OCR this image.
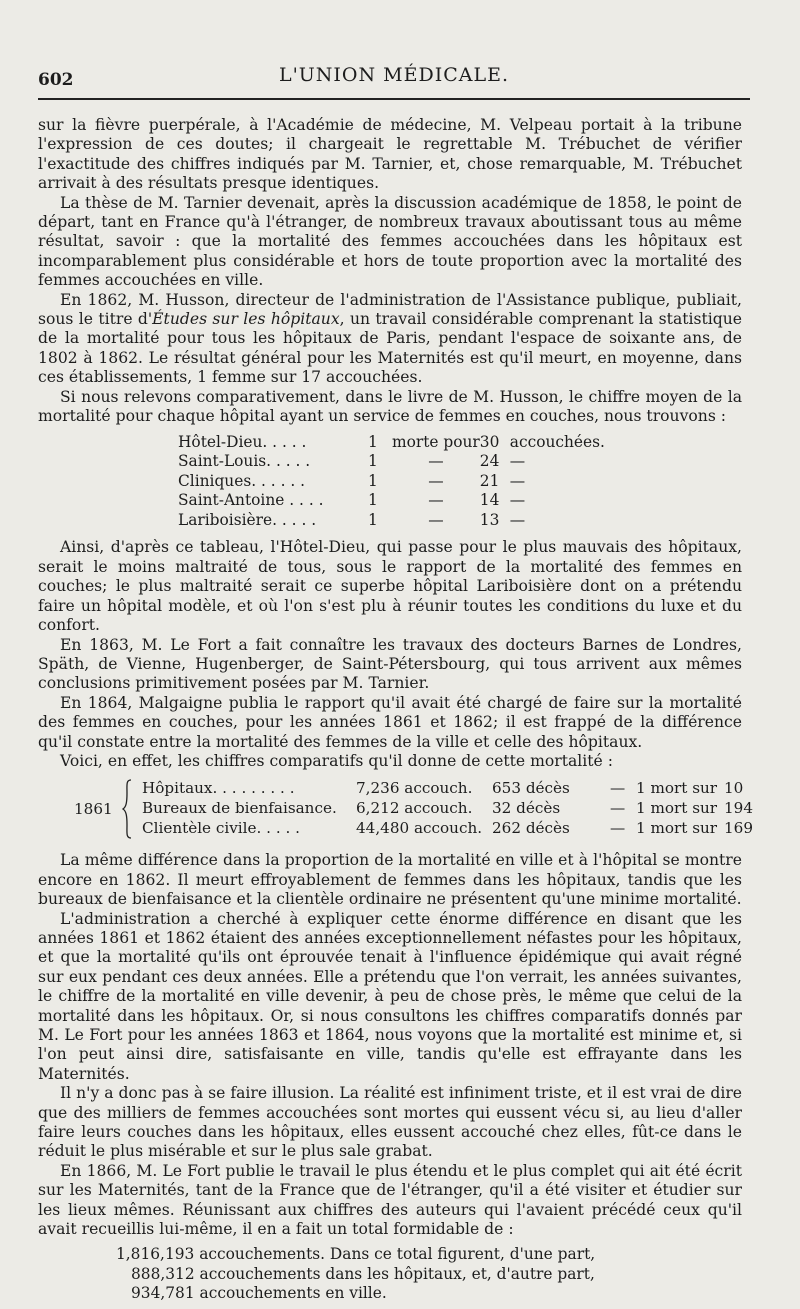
602	L'UNION MÉDICALE.

sur la fièvre puerpérale, à l'Académie de médecine, M. Velpeau portait à la tribune l'expression de ces doutes; il chargeait le regrettable M. Trébuchet de vérifier l'exactitude des chiffres indiqués par M. Tarnier, et, chose remarquable, M. Trébuchet arrivait à des résultats presque identiques.

La thèse de M. Tarnier devenait, après la discussion académique de 1858, le point de départ, tant en France qu'à l'étranger, de nombreux travaux aboutissant tous au même résultat, savoir : que la mortalité des femmes accouchées dans les hôpitaux est incomparablement plus considérable et hors de toute proportion avec la mortalité des femmes accouchées en ville.

En 1862, M. Husson, directeur de l'administration de l'Assistance publique, publiait, sous le titre d'Études sur les hôpitaux, un travail considérable comprenant la statistique de la mortalité pour tous les hôpitaux de Paris, pendant l'espace de soixante ans, de 1802 à 1862. Le résultat général pour les Maternités est qu'il meurt, en moyenne, dans ces établissements, 1 femme sur 17 accouchées.

Si nous relevons comparativement, dans le livre de M. Husson, le chiffre moyen de la mortalité pour chaque hôpital ayant un service de femmes en couches, nous trouvons :

Hôtel-Dieu. . . . .	1	morte pour	30	accouchées.
Saint-Louis. . . . .	1	—	24	—
Cliniques. . . . . .	1	—	21	—
Saint-Antoine . . . .	1	—	14	—
Lariboisière. . . . .	1	—	13	—

Ainsi, d'après ce tableau, l'Hôtel-Dieu, qui passe pour le plus mauvais des hôpitaux, serait le moins maltraité de tous, sous le rapport de la mortalité des femmes en couches; le plus maltraité serait ce superbe hôpital Lariboisière dont on a prétendu faire un hôpital modèle, et où l'on s'est plu à réunir toutes les conditions du luxe et du confort.

En 1863, M. Le Fort a fait connaître les travaux des docteurs Barnes de Londres, Späth, de Vienne, Hugenberger, de Saint-Pétersbourg, qui tous arrivent aux mêmes conclusions primitivement posées par M. Tarnier.

En 1864, Malgaigne publia le rapport qu'il avait été chargé de faire sur la mortalité des femmes en couches, pour les années 1861 et 1862; il est frappé de la différence qu'il constate entre la mortalité des femmes de la ville et celle des hôpitaux.

Voici, en effet, les chiffres comparatifs qu'il donne de cette mortalité :

1861
Hôpitaux. . . . . . . . .	7,236 accouch. 653 décès	— 1 mort sur 10
Bureaux de bienfaisance. 6,212 accouch. 32 décès	— 1 mort sur 194
Clientèle civile. . . . .	44,480 accouch. 262 décès	— 1 mort sur 169

La même différence dans la proportion de la mortalité en ville et à l'hôpital se montre encore en 1862. Il meurt effroyablement de femmes dans les hôpitaux, tandis que les bureaux de bienfaisance et la clientèle ordinaire ne présentent qu'une minime mortalité.

L'administration a cherché à expliquer cette énorme différence en disant que les années 1861 et 1862 étaient des années exceptionnellement néfastes pour les hôpitaux, et que la mortalité qu'ils ont éprouvée tenait à l'influence épidémique qui avait régné sur eux pendant ces deux années. Elle a prétendu que l'on verrait, les années suivantes, le chiffre de la mortalité en ville devenir, à peu de chose près, le même que celui de la mortalité dans les hôpitaux. Or, si nous consultons les chiffres comparatifs donnés par M. Le Fort pour les années 1863 et 1864, nous voyons que la mortalité est minime et, si l'on peut ainsi dire, satisfaisante en ville, tandis qu'elle est effrayante dans les Maternités.

Il n'y a donc pas à se faire illusion. La réalité est infiniment triste, et il est vrai de dire que des milliers de femmes accouchées sont mortes qui eussent vécu si, au lieu d'aller faire leurs couches dans les hôpitaux, elles eussent accouché chez elles, fût-ce dans le réduit le plus misérable et sur le plus sale grabat.

En 1866, M. Le Fort publie le travail le plus étendu et le plus complet qui ait été écrit sur les Maternités, tant de la France que de l'étranger, qu'il a été visiter et étudier sur les lieux mêmes. Réunissant aux chiffres des auteurs qui l'avaient précédé ceux qu'il avait recueillis lui-même, il en a fait un total formidable de :

1,816,193 accouchements. Dans ce total figurent, d'une part,
888,312 accouchements dans les hôpitaux, et, d'autre part,
934,781 accouchements en ville.
